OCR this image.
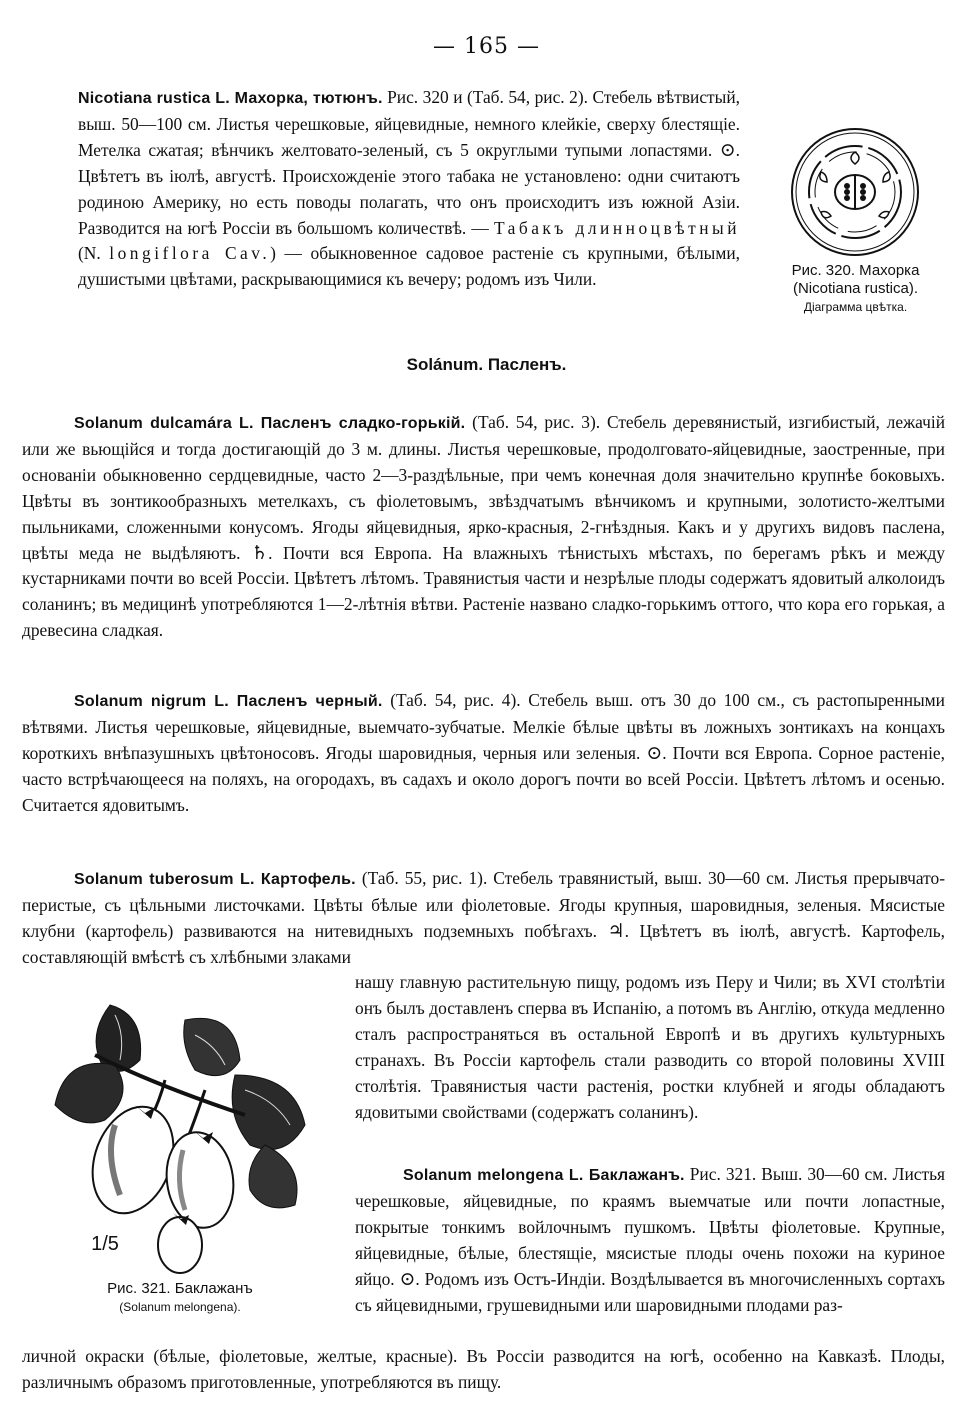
— 165 —

Nicotiana rustica L. Махорка, тютюнъ. Рис. 320 и (Таб. 54, рис. 2). Стебель вѣтвистый, выш. 50—100 см. Листья черешковые, яйцевидные, немного клейкіе, сверху блестящіе. Метелка сжатая; вѣнчикъ желтовато-зеленый, съ 5 округлыми тупыми лопастями. ⊙. Цвѣтетъ въ іюлѣ, августѣ. Происхожденіе этого табака не установлено: одни считаютъ родиною Америку, но есть поводы полагать, что онъ происходитъ изъ южной Азіи. Разводится на югѣ Россіи въ большомъ количествѣ. — Табакъ длинноцвѣтный (N. longiflora Cav.) — обыкновенное садовое растеніе съ крупными, бѣлыми, душистыми цвѣтами, раскрывающимися къ вечеру; родомъ изъ Чили.	Рис. 320. Махорка
(Nicotiana rustica).
Діаграмма цвѣтка.
Solánum. Пасленъ.

Solanum dulcamára L. Пасленъ сладко-горькій. (Таб. 54, рис. 3). Стебель деревянистый, изгибистый, лежачій или же вьющійся и тогда достигающій до 3 м. длины. Листья черешковые, продолговато-яйцевидные, заостренные, при основаніи обыкновенно сердцевидные, часто 2—3-раздѣльные, при чемъ конечная доля значительно крупнѣе боковыхъ. Цвѣты въ зонтикообразныхъ метелкахъ, съ фіолетовымъ, звѣздчатымъ вѣнчикомъ и крупными, золотисто-желтыми пыльниками, сложенными конусомъ. Ягоды яйцевидныя, ярко-красныя, 2-гнѣздныя. Какъ и у другихъ видовъ паслена, цвѣты меда не выдѣляютъ. ♄. Почти вся Европа. На влажныхъ тѣнистыхъ мѣстахъ, по берегамъ рѣкъ и между кустарниками почти во всей Россіи. Цвѣтетъ лѣтомъ. Травянистыя части и незрѣлые плоды содержатъ ядовитый алколоидъ соланинъ; въ медицинѣ употребляются 1—2-лѣтнія вѣтви. Растеніе названо сладко-горькимъ оттого, что кора его горькая, а древесина сладкая.

Solanum nigrum L. Пасленъ черный. (Таб. 54, рис. 4). Стебель выш. отъ 30 до 100 см., съ растопыренными вѣтвями. Листья черешковые, яйцевидные, выемчато-зубчатые. Мелкіе бѣлые цвѣты въ ложныхъ зонтикахъ на концахъ короткихъ внѣпазушныхъ цвѣтоносовъ. Ягоды шаровидныя, черныя или зеленыя. ⊙. Почти вся Европа. Сорное растеніе, часто встрѣчающееся на поляхъ, на огородахъ, въ садахъ и около дорогъ почти во всей Россіи. Цвѣтетъ лѣтомъ и осенью. Считается ядовитымъ.

Solanum tuberosum L. Картофель. (Таб. 55, рис. 1). Стебель травянистый, выш. 30—60 см. Листья прерывчато-перистые, съ цѣльными листочками. Цвѣты бѣлые или фіолетовые. Ягоды крупныя, шаровидныя, зеленыя. Мясистые клубни (картофель) развиваются на нитевидныхъ подземныхъ побѣгахъ. ♃. Цвѣтетъ въ іюлѣ, августѣ. Картофель, составляющій вмѣстѣ съ хлѣбными злаками

нашу главную растительную пищу, родомъ изъ Перу и Чили; въ XVI столѣтіи онъ былъ доставленъ сперва въ Испанію, а потомъ въ Англію, откуда медленно сталъ распространяться въ остальной Европѣ и въ другихъ культурныхъ странахъ. Въ Россіи картофель стали разводить со второй половины XVIII столѣтія. Травянистыя части растенія, ростки клубней и ягоды обладаютъ ядовитыми свойствами (содержатъ соланинъ).

Solanum melongena L. Баклажанъ. Рис. 321. Выш. 30—60 см. Листья черешковые, яйцевидные, по краямъ выемчатые или почти лопастные, покрытые тонкимъ войлочнымъ пушкомъ. Цвѣты фіолетовые. Крупные, яйцевидные, бѣлые, блестящіе, мясистые плоды очень похожи на куриное яйцо. ⊙. Родомъ изъ Остъ-Индіи. Воздѣлывается въ многочисленныхъ сортахъ съ яйцевидными, грушевидными или шаровидными плодами раз-

личной окраски (бѣлые, фіолетовые, желтые, красные). Въ Россіи разводится на югѣ, особенно на Кавказѣ. Плоды, различнымъ образомъ приготовленные, употребляются въ пищу.

1/5
Рис. 321. Баклажанъ
(Solanum melongena).
